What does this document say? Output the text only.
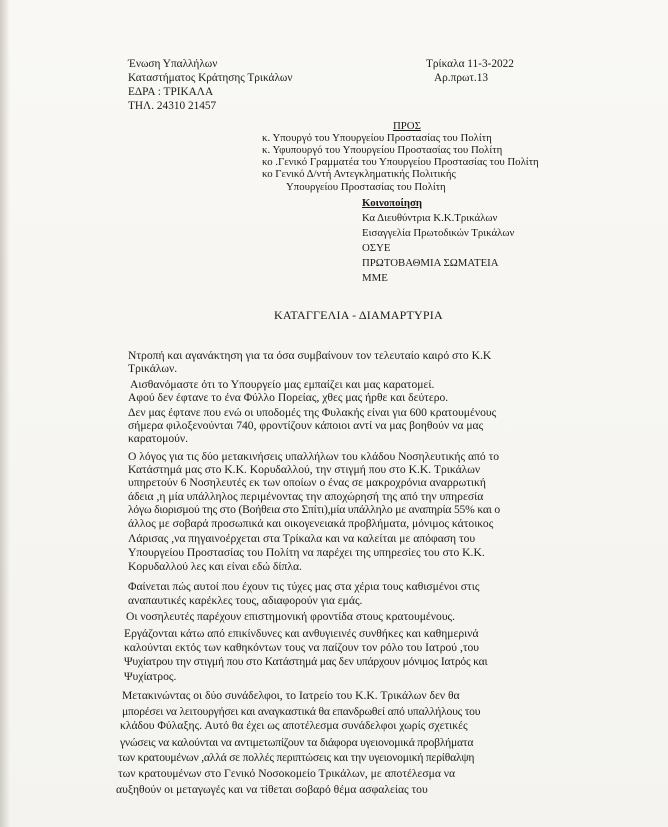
Ένωση Υπαλλήλων
Καταστήματος Κράτησης Τρικάλων
ΕΔΡΑ : ΤΡΙΚΑΛΑ
ΤΗΛ. 24310 21457
Τρίκαλα 11-3-2022
Αρ.πρωτ.13
ΠΡΟΣ
κ. Υπουργό του Υπουργείου Προστασίας του Πολίτη
κ. Υφυπουργό του Υπουργείου Προστασίας του Πολίτη
κο .Γενικό Γραμματέα του Υπουργείου Προστασίας του Πολίτη
κο Γενικό Δ/ντή Αντεγκληματικής Πολιτικής
Υπουργείου Προστασίας του Πολίτη
Κοινοποίηση
Κα Διευθύντρια Κ.Κ.Τρικάλων
Εισαγγελία Πρωτοδικών Τρικάλων
ΟΣΥΕ
ΠΡΩΤΟΒΑΘΜΙΑ ΣΩΜΑΤΕΙΑ
ΜΜΕ
ΚΑΤΑΓΓΕΛΙΑ - ΔΙΑΜΑΡΤΥΡΙΑ
Ντροπή και αγανάκτηση για τα όσα συμβαίνουν τον τελευταίο καιρό στο Κ.Κ
Τρικάλων.
Αισθανόμαστε ότι το Υπουργείο μας εμπαίζει και μας καρατομεί.
Αφού δεν έφτανε το ένα Φύλλο Πορείας, χθες μας ήρθε και δεύτερο.
Δεν μας έφτανε που ενώ οι υποδομές της Φυλακής είναι για 600 κρατουμένους
σήμερα φιλοξενούνται 740, φροντίζουν κάποιοι αντί να μας βοηθούν να μας
καρατομούν.
Ο λόγος για τις δύο μετακινήσεις υπαλλήλων του κλάδου Νοσηλευτικής από το
Κατάστημά μας στο Κ.Κ. Κορυδαλλού, την στιγμή που στο Κ.Κ. Τρικάλων
υπηρετούν 6 Νοσηλευτές εκ των οποίων ο ένας σε μακροχρόνια αναρρωτική
άδεια ,η μία υπάλληλος περιμένοντας την αποχώρησή της από την υπηρεσία
λόγω διορισμού της στο (Βοήθεια στο Σπίτι),μία υπάλληλο με αναπηρία 55% και ο
άλλος με σοβαρά προσωπικά και οικογενειακά προβλήματα, μόνιμος κάτοικος
Λάρισας ,να πηγαινοέρχεται στα Τρίκαλα και να καλείται με απόφαση του
Υπουργείου Προστασίας του Πολίτη να παρέχει της υπηρεσίες του στο Κ.Κ.
Κορυδαλλού λες και είναι εδώ δίπλα.
Φαίνεται πώς αυτοί που έχουν τις τύχες μας στα χέρια τους καθισμένοι στις
αναπαυτικές καρέκλες τους, αδιαφορούν για εμάς.
Οι νοσηλευτές παρέχουν επιστημονική φροντίδα στους κρατουμένους.
Εργάζονται κάτω από επικίνδυνες και ανθυγιεινές συνθήκες και καθημερινά
καλούνται εκτός των καθηκόντων τους να παίζουν τον ρόλο του Ιατρού ,του
Ψυχίατρου την στιγμή που στο Κατάστημά μας δεν υπάρχουν μόνιμος Ιατρός και
Ψυχίατρος.
Μετακινώντας οι δύο συνάδελφοι, το Ιατρείο του Κ.Κ. Τρικάλων δεν θα
μπορέσει να λειτουργήσει και αναγκαστικά θα επανδρωθεί από υπαλλήλους του
κλάδου Φύλαξης. Αυτό θα έχει ως αποτέλεσμα συνάδελφοι χωρίς σχετικές
γνώσεις να καλούνται να αντιμετωπίζουν τα διάφορα υγειονομικά προβλήματα
των κρατουμένων ,αλλά σε πολλές περιπτώσεις και την υγειονομική περίθαλψη
των κρατουμένων στο Γενικό Νοσοκομείο Τρικάλων, με αποτέλεσμα να
αυξηθούν οι μεταγωγές και να τίθεται σοβαρό θέμα ασφαλείας του
